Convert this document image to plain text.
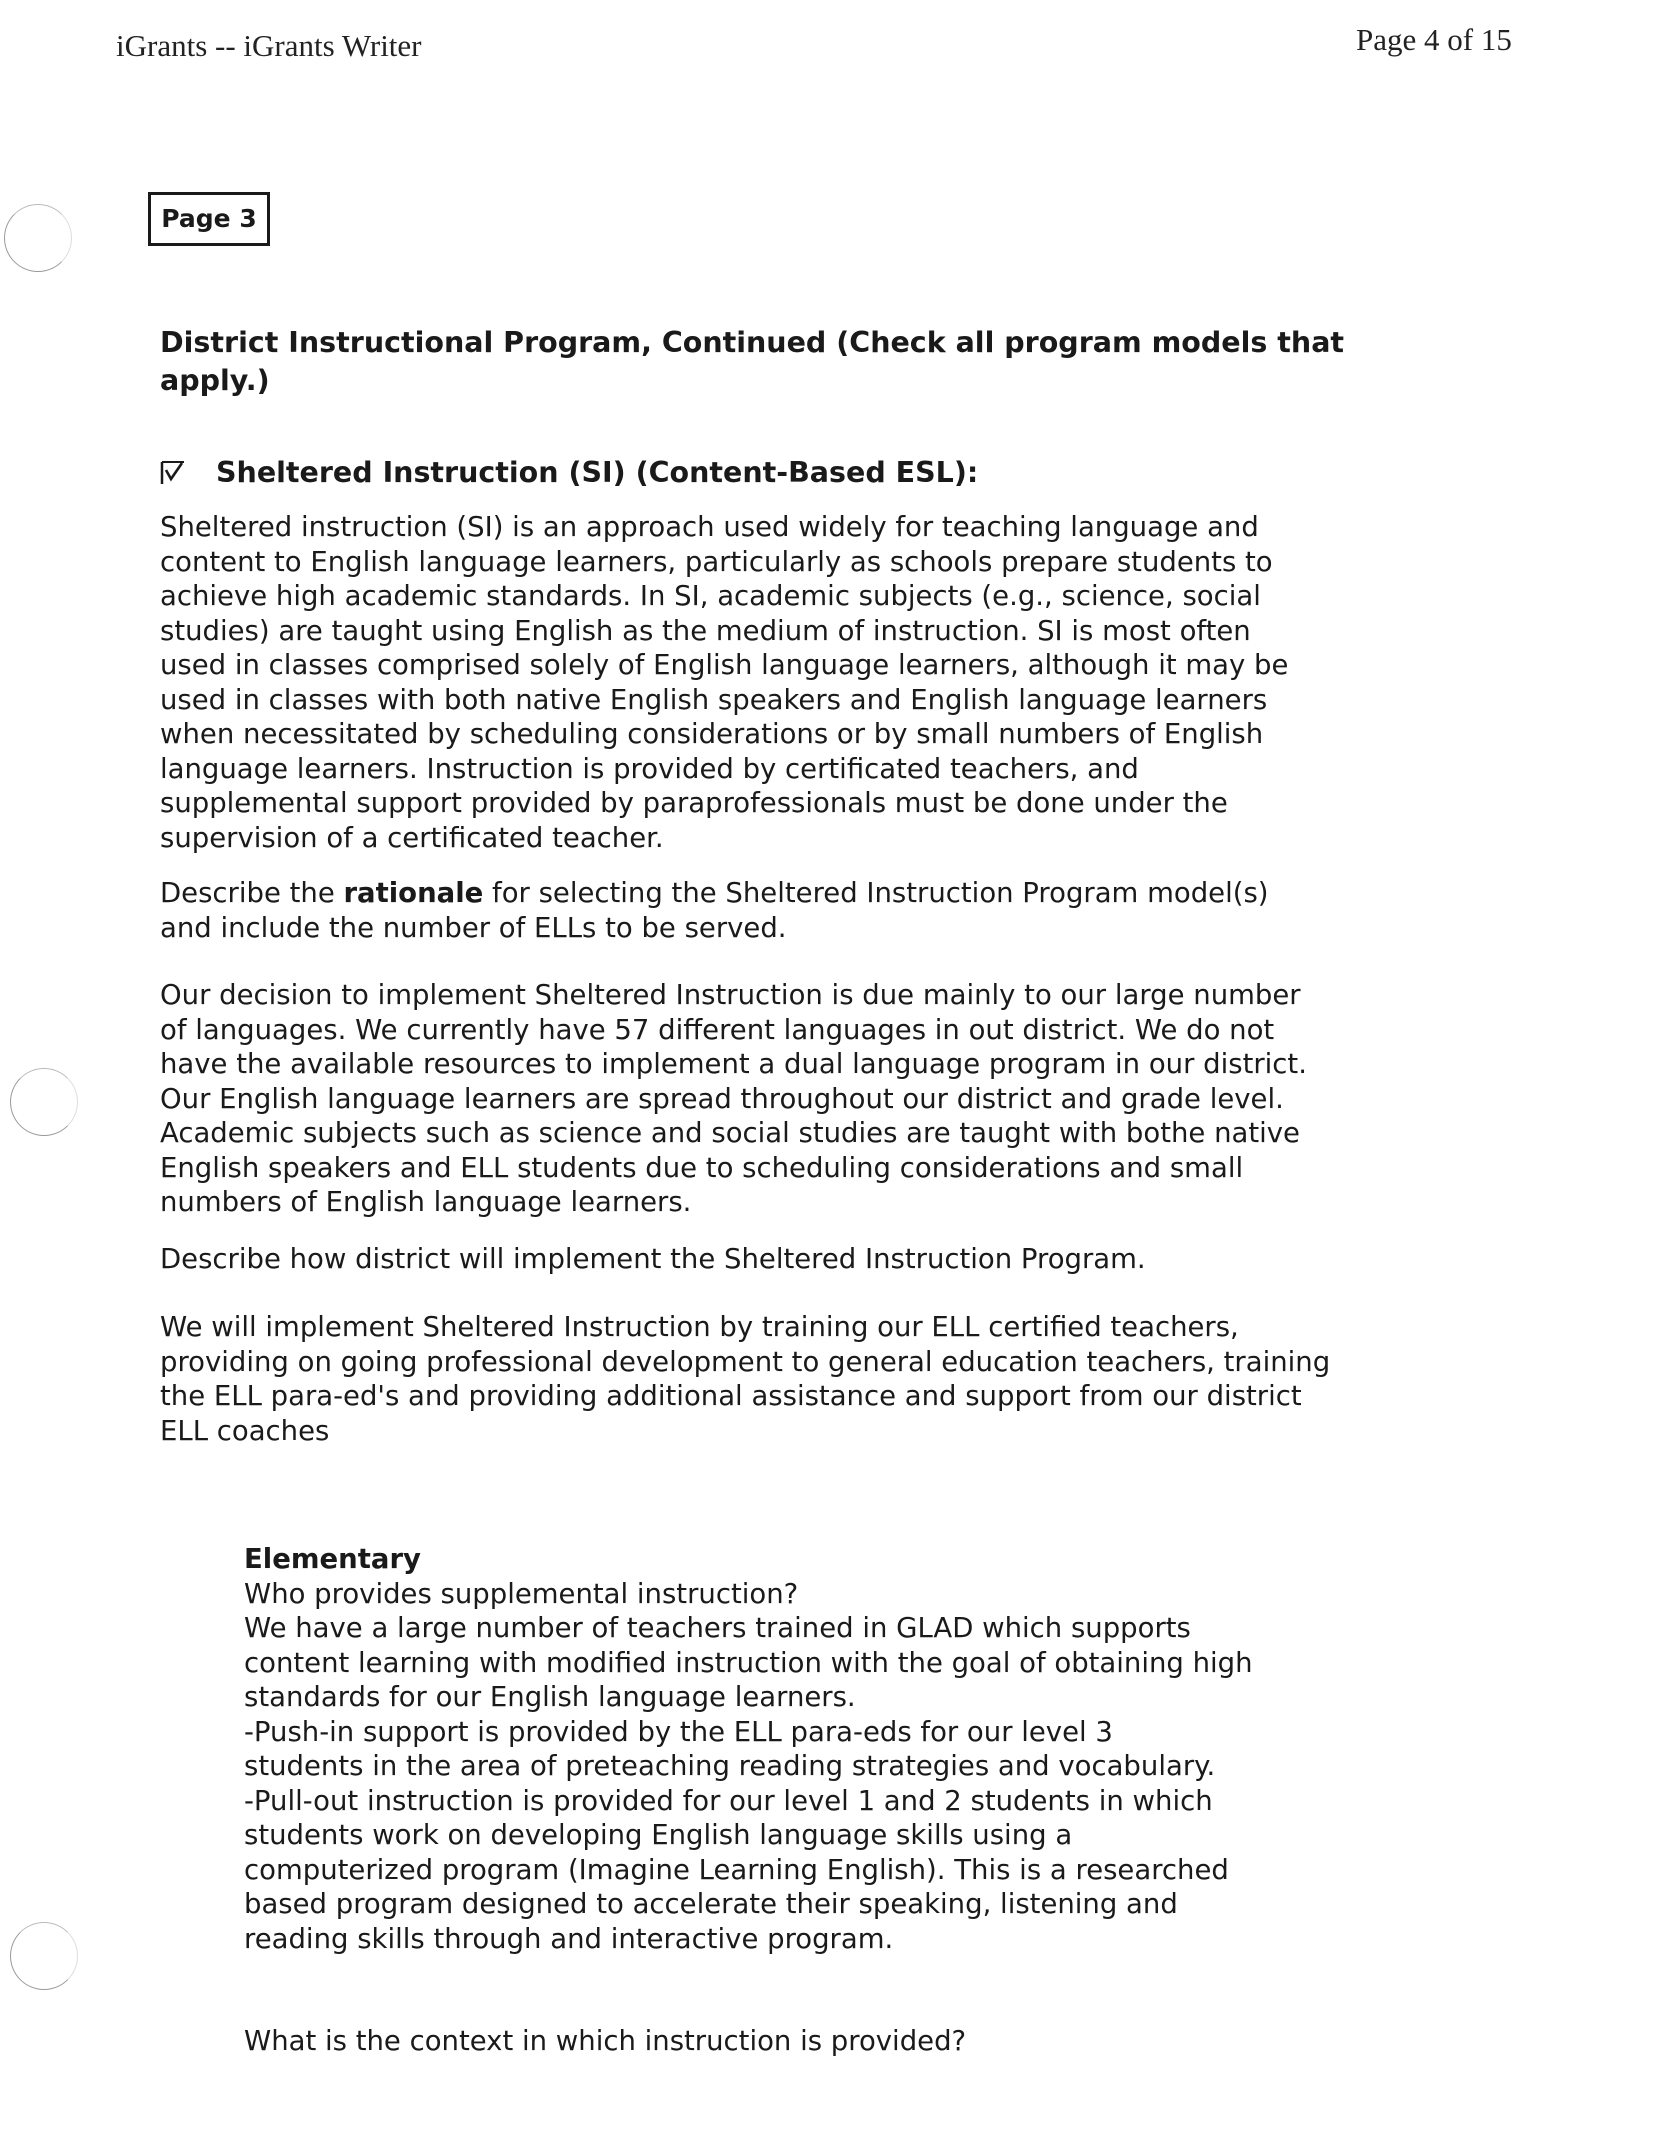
iGrants -- iGrants Writer	Page 4 of 15
Page 3
District Instructional Program, Continued (Check all program models that
apply.)
Sheltered Instruction (SI) (Content-Based ESL):
Sheltered instruction (SI) is an approach used widely for teaching language and
content to English language learners, particularly as schools prepare students to
achieve high academic standards. In SI, academic subjects (e.g., science, social
studies) are taught using English as the medium of instruction. SI is most often
used in classes comprised solely of English language learners, although it may be
used in classes with both native English speakers and English language learners
when necessitated by scheduling considerations or by small numbers of English
language learners. Instruction is provided by certificated teachers, and
supplemental support provided by paraprofessionals must be done under the
supervision of a certificated teacher.
Describe the rationale for selecting the Sheltered Instruction Program model(s)
and include the number of ELLs to be served.
Our decision to implement Sheltered Instruction is due mainly to our large number
of languages. We currently have 57 different languages in out district. We do not
have the available resources to implement a dual language program in our district.
Our English language learners are spread throughout our district and grade level.
Academic subjects such as science and social studies are taught with bothe native
English speakers and ELL students due to scheduling considerations and small
numbers of English language learners.
Describe how district will implement the Sheltered Instruction Program.
We will implement Sheltered Instruction by training our ELL certified teachers,
providing on going professional development to general education teachers, training
the ELL para-ed's and providing additional assistance and support from our district
ELL coaches
Elementary
Who provides supplemental instruction?
We have a large number of teachers trained in GLAD which supports
content learning with modified instruction with the goal of obtaining high
standards for our English language learners.
-Push-in support is provided by the ELL para-eds for our level 3
students in the area of preteaching reading strategies and vocabulary.
-Pull-out instruction is provided for our level 1 and 2 students in which
students work on developing English language skills using a
computerized program (Imagine Learning English). This is a researched
based program designed to accelerate their speaking, listening and
reading skills through and interactive program.
What is the context in which instruction is provided?
